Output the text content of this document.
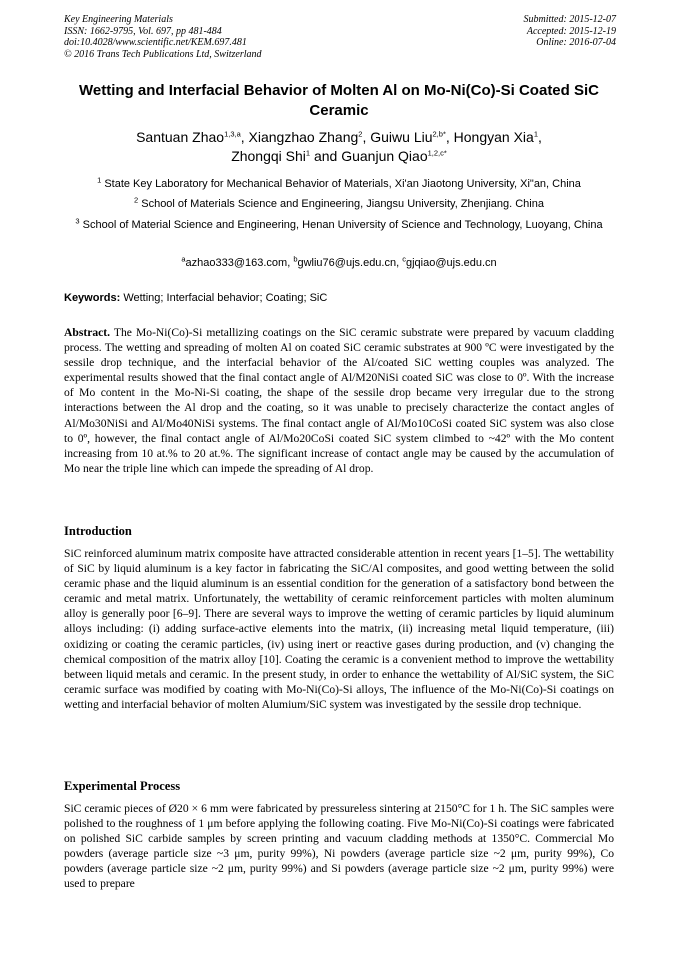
Key Engineering Materials
ISSN: 1662-9795, Vol. 697, pp 481-484
doi:10.4028/www.scientific.net/KEM.697.481
© 2016 Trans Tech Publications Ltd, Switzerland
Submitted: 2015-12-07
Accepted: 2015-12-19
Online: 2016-07-04
Wetting and Interfacial Behavior of Molten Al on Mo-Ni(Co)-Si Coated SiC Ceramic
Santuan Zhao$^{1,3,a}$, Xiangzhao Zhang$^2$, Guiwu Liu$^{2,b*}$, Hongyan Xia$^1$,
Zhongqi Shi$^1$ and Guanjun Qiao$^{1,2,c*}$
$^1$ State Key Laboratory for Mechanical Behavior of Materials, Xi'an Jiaotong University, Xi"an, China
$^2$ School of Materials Science and Engineering, Jiangsu University, Zhenjiang. China
$^3$ School of Material Science and Engineering, Henan University of Science and Technology, Luoyang, China
$^a$azhao333@163.com, $^b$gwliu76@ujs.edu.cn, $^c$gjqiao@ujs.edu.cn
Keywords: Wetting; Interfacial behavior; Coating; SiC

Abstract. The Mo-Ni(Co)-Si metallizing coatings on the SiC ceramic substrate were prepared by vacuum cladding process. The wetting and spreading of molten Al on coated SiC ceramic substrates at 900 ºC were investigated by the sessile drop technique, and the interfacial behavior of the Al/coated SiC wetting couples was analyzed. The experimental results showed that the final contact angle of Al/M20NiSi coated SiC was close to 0º. With the increase of Mo content in the Mo-Ni-Si coating, the shape of the sessile drop became very irregular due to the strong interactions between the Al drop and the coating, so it was unable to precisely characterize the contact angles of Al/Mo30NiSi and Al/Mo40NiSi systems. The final contact angle of Al/Mo10CoSi coated SiC system was also close to 0º, however, the final contact angle of Al/Mo20CoSi coated SiC system climbed to ~42º with the Mo content increasing from 10 at.% to 20 at.%. The significant increase of contact angle may be caused by the accumulation of Mo near the triple line which can impede the spreading of Al drop.

Introduction

SiC reinforced aluminum matrix composite have attracted considerable attention in recent years [1–5]. The wettability of SiC by liquid aluminum is a key factor in fabricating the SiC/Al composites, and good wetting between the solid ceramic phase and the liquid aluminum is an essential condition for the generation of a satisfactory bond between the ceramic and metal matrix. Unfortunately, the wettability of ceramic reinforcement particles with molten aluminum alloy is generally poor [6–9]. There are several ways to improve the wetting of ceramic particles by liquid aluminum alloys including: (i) adding surface-active elements into the matrix, (ii) increasing metal liquid temperature, (iii) oxidizing or coating the ceramic particles, (iv) using inert or reactive gases during production, and (v) changing the chemical composition of the matrix alloy [10]. Coating the ceramic is a convenient method to improve the wettability between liquid metals and ceramic. In the present study, in order to enhance the wettability of Al/SiC system, the SiC ceramic surface was modified by coating with Mo-Ni(Co)-Si alloys, The influence of the Mo-Ni(Co)-Si coatings on wetting and interfacial behavior of molten Alumium/SiC system was investigated by the sessile drop technique.

Experimental Process

SiC ceramic pieces of Ø20 × 6 mm were fabricated by pressureless sintering at 2150°C for 1 h. The SiC samples were polished to the roughness of 1 μm before applying the following coating. Five Mo-Ni(Co)-Si coatings were fabricated on polished SiC carbide samples by screen printing and vacuum cladding methods at 1350°C. Commercial Mo powders (average particle size ~3 μm, purity 99%), Ni powders (average particle size ~2 μm, purity 99%), Co powders (average particle size ~2 μm, purity 99%) and Si powders (average particle size ~2 μm, purity 99%) were used to prepare
